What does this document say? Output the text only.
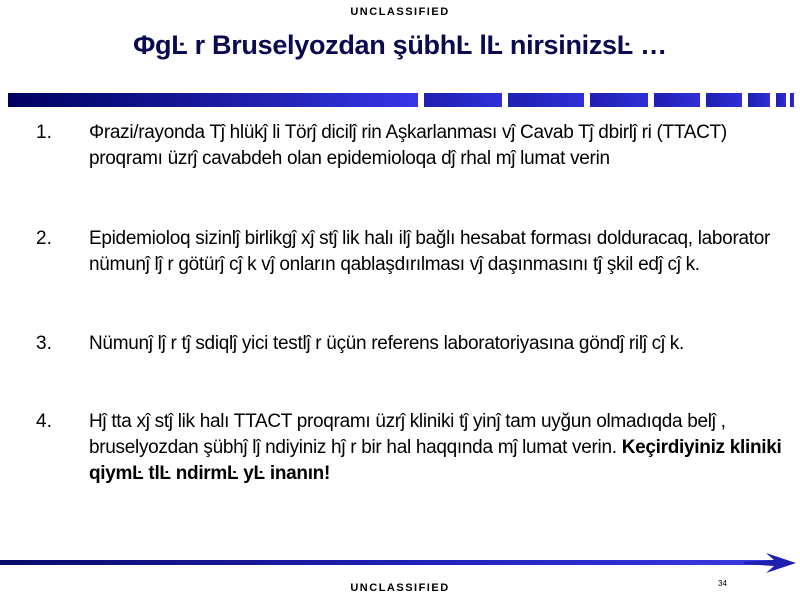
UNCLASSIFIED
ΦgĿ r Bruselyozdan şübhĿ lĿ nirsinizsĿ …
1. Φrazi/rayonda Tĵ hlükĵ li Törĵ dicilĵ rin Aşkarlanması vĵ Cavab Tĵ dbirlĵ ri (TTACT) proqramı üzrĵ cavabdeh olan epidemioloqa dĵ rhal mĵ lumat verin
2. Epidemioloq sizinlĵ birlikgĵ xĵ stĵ lik halı ilĵ bağlı hesabat forması dolduracaq, laborator nümunĵ lĵ r götürĵ cĵ k vĵ onların qablaşdırılması vĵ daşınmasını tĵ şkil edĵ cĵ k.
3. Nümunĵ lĵ r tĵ sdiqlĵ yici testlĵ r üçün referens laboratoriyasına göndĵ rilĵ cĵ k.
4. Hĵ tta xĵ stĵ lik halı TTACT proqramı üzrĵ kliniki tĵ yinĵ tam uyğun olmadıqda belĵ , bruselyozdan şübhĵ lĵ ndiyiniz hĵ r bir hal haqqında mĵ lumat verin. Keçirdiyiniz kliniki qiymĿ tlĿ ndirmĿ yĿ inanın!
34
UNCLASSIFIED
